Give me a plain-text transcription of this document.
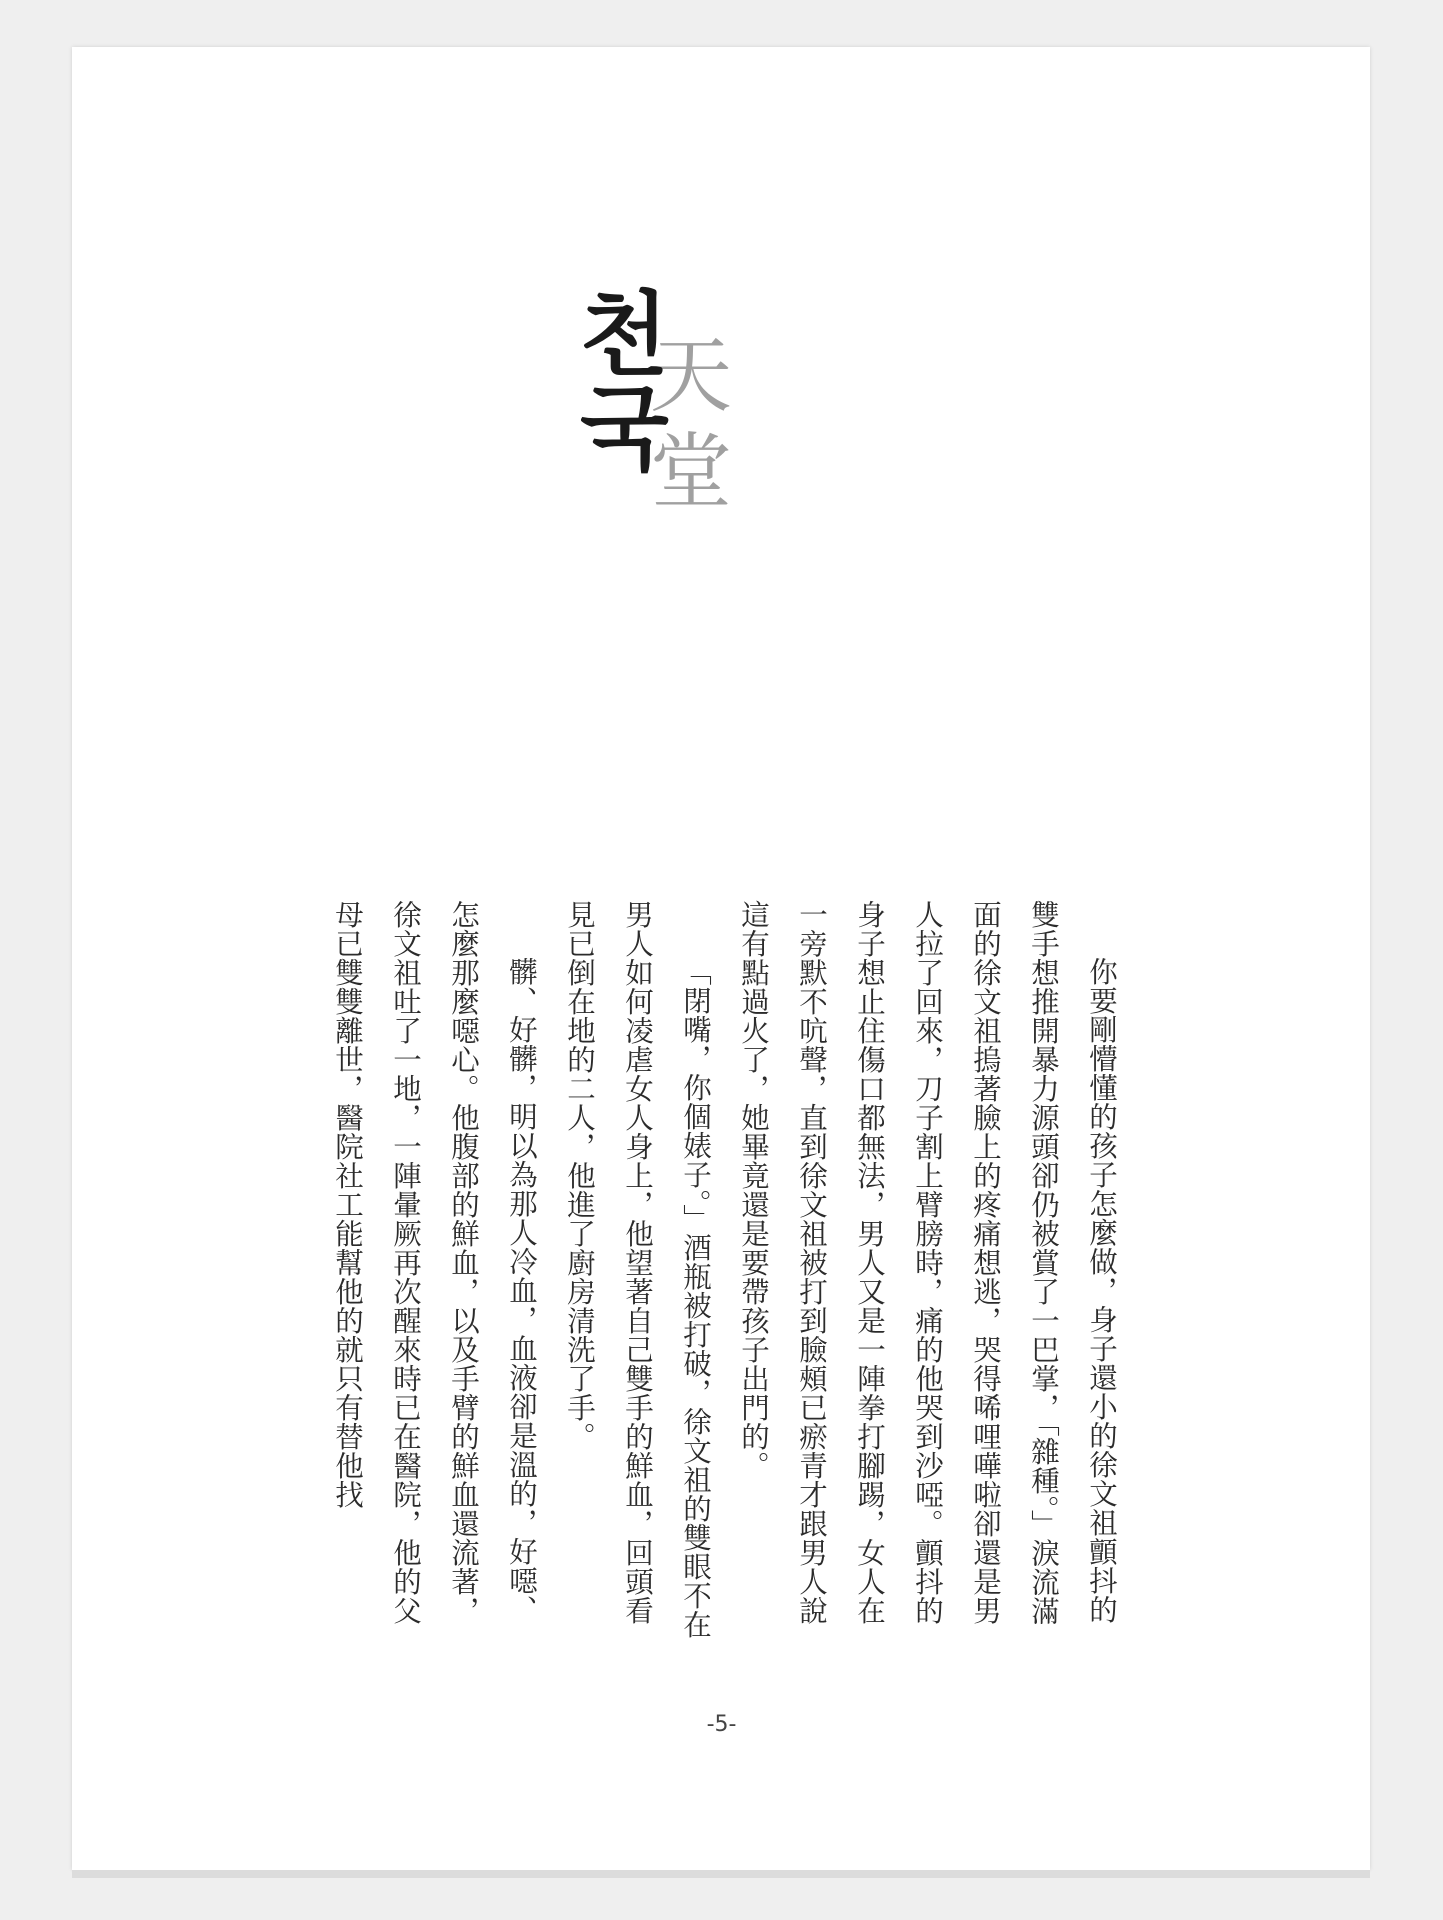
天
堂
천
국

你要剛懵懂的孩子怎麼做，身子還小的徐文祖顫抖的雙手想推開暴力源頭卻仍被賞了一巴掌，「雜種。」淚流滿面的徐文祖摀著臉上的疼痛想逃，哭得唏哩嘩啦卻還是男人拉了回來，刀子割上臂膀時，痛的他哭到沙啞。顫抖的身子想止住傷口都無法，男人又是一陣拳打腳踢，女人在一旁默不吭聲，直到徐文祖被打到臉頰已瘀青才跟男人說這有點過火了，她畢竟還是要帶孩子出門的。

「閉嘴，你個婊子。」酒瓶被打破，徐文祖的雙眼不在男人如何凌虐女人身上，他望著自己雙手的鮮血，回頭看見已倒在地的二人，他進了廚房清洗了手。

髒、好髒，明以為那人冷血，血液卻是溫的，好噁、怎麼那麼噁心。他腹部的鮮血，以及手臂的鮮血還流著，徐文祖吐了一地，一陣暈厥再次醒來時已在醫院，他的父母已雙雙離世，醫院社工能幫他的就只有替他找

-5-
